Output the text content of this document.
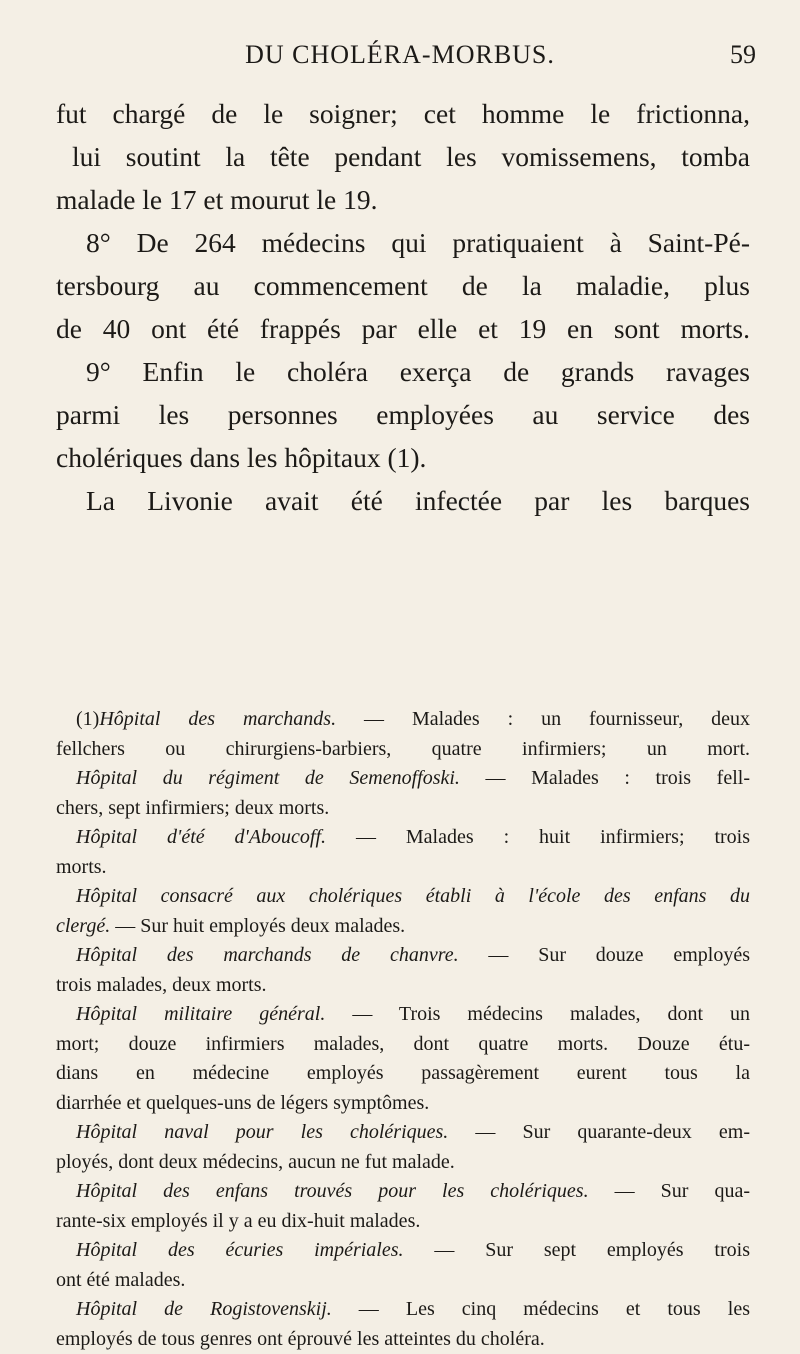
DU CHOLÉRA-MORBUS.	59
fut chargé de le soigner; cet homme le frictionna,
lui soutint la tête pendant les vomissemens, tomba
malade le 17 et mourut le 19.
8° De 264 médecins qui pratiquaient à Saint-Pé-
tersbourg au commencement de la maladie, plus
de 40 ont été frappés par elle et 19 en sont morts.
9° Enfin le choléra exerça de grands ravages
parmi les personnes employées au service des
cholériques dans les hôpitaux (1).
La Livonie avait été infectée par les barques
(1)Hôpital des marchands. — Malades : un fournisseur, deux
fellchers ou chirurgiens-barbiers, quatre infirmiers; un mort.
Hôpital du régiment de Semenoffoski. — Malades : trois fell-
chers, sept infirmiers; deux morts.
Hôpital d'été d'Aboucoff. — Malades : huit infirmiers; trois
morts.
Hôpital consacré aux cholériques établi à l'école des enfans du
clergé. — Sur huit employés deux malades.
Hôpital des marchands de chanvre. — Sur douze employés
trois malades, deux morts.
Hôpital militaire général. — Trois médecins malades, dont un
mort; douze infirmiers malades, dont quatre morts. Douze étu-
dians en médecine employés passagèrement eurent tous la
diarrhée et quelques-uns de légers symptômes.
Hôpital naval pour les cholériques. — Sur quarante-deux em-
ployés, dont deux médecins, aucun ne fut malade.
Hôpital des enfans trouvés pour les cholériques. — Sur qua-
rante-six employés il y a eu dix-huit malades.
Hôpital des écuries impériales. — Sur sept employés trois
ont été malades.
Hôpital de Rogistovenskij. — Les cinq médecins et tous les
employés de tous genres ont éprouvé les atteintes du choléra.
